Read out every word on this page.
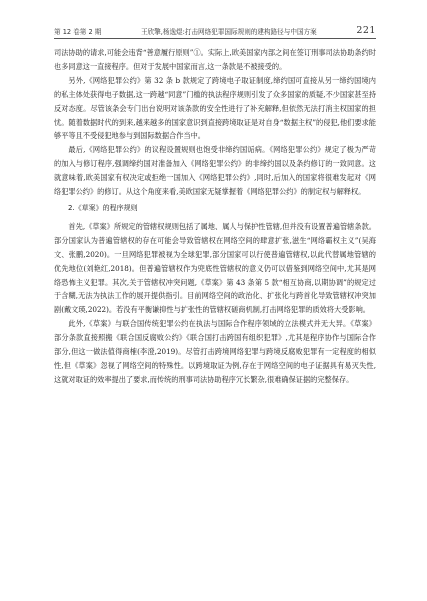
第 12 卷第 2 期	王欣擎,杨逸煜:打击网络犯罪国际规则的建构路径与中国方案	221

司法协助的请求,可能会违背“善意履行原则”①。实际上,欧美国家内部之间在签订刑事司法协助条约时也多同意这一直接程序。但对于发展中国家而言,这一条款是不被接受的。

另外,《网络犯罪公约》第 32 条 b 款规定了跨境电子取证制度,缔约国可直接从另一缔约国境内的私主体处获得电子数据,这一跨越“同意”门槛的执法程序规则引发了众多国家的质疑,不少国家甚至持反对态度。尽管该条会专门出台说明对该条款的安全性进行了补充解释,但依然无法打消主权国家的担忧。随着数据时代的到来,越来越多的国家意识到直接跨境取证是对自身“数据主权”的侵犯,他们要求能够平等且不受侵犯地参与到国际数据合作当中。

最后,《网络犯罪公约》的议程设置规则也饱受非缔约国诟病。《网络犯罪公约》规定了极为严苛的加入与修订程序,强调缔约国对准备加入《网络犯罪公约》的非缔约国以及条约修订的一致同意。这就意味着,欧美国家有权决定或拒绝一国加入《网络犯罪公约》,同时,后加入的国家将很难发起对《网络犯罪公约》的修订。从这个角度来看,美欧国家无疑掌握着《网络犯罪公约》的制定权与解释权。

2.《草案》的程序规则

首先,《草案》所规定的管辖权规则包括了属地、属人与保护性管辖,但并没有设置普遍管辖条款。部分国家认为普遍管辖权的存在可能会导致管辖权在网络空间的肆意扩张,滋生“网络霸权主义”(吴海文、张鹏,2020)。一旦网络犯罪被视为全球犯罪,部分国家可以行使普遍管辖权,以此代替属地管辖的优先地位(刘艳红,2018)。但普遍管辖权作为兜底性管辖权的意义仍可以借鉴到网络空间中,尤其是网络恐怖主义犯罪。其次,关于管辖权冲突问题,《草案》第 43 条第 5 款“相互协商,以期协调”的规定过于含糊,无法为执法工作的展开提供指引。目前网络空间的政治化、扩张化与跨首化导致管辖权冲突加剧(戴文瑛,2022)。若没有平衡谦抑性与扩张性的管辖权磋商机制,打击网络犯罪的质效将大受影响。

此外,《草案》与联合国传统犯罪公约在执法与国际合作程序领域的立法模式并无大异。《草案》部分条款直接照搬《联合国反腐败公约》《联合国打击跨国有组织犯罪》,尤其是程序协作与国际合作部分,但这一做法值得商榷(李澄,2019)。尽管打击跨境网络犯罪与跨境反腐败犯罪有一定程度的相似性,但《草案》忽视了网络空间的特殊性。以跨境取证为例,存在于网络空间的电子证据具有易灭失性,这就对取证的效率提出了要求,而传统的刑事司法协助程序冗长繁杂,很难确保证据的完整保存。
